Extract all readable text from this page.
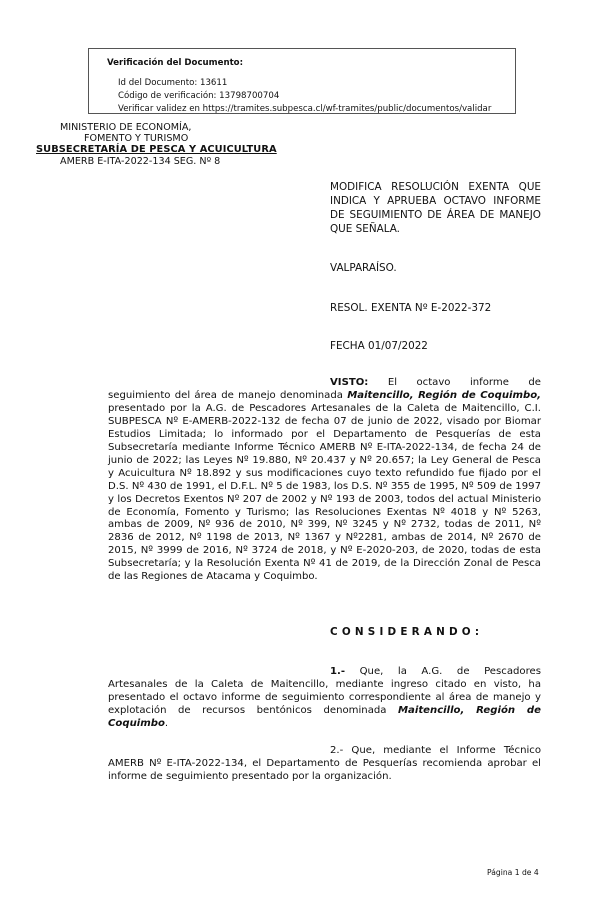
Verificación del Documento:
• Id del Documento: 13611
• Código de verificación: 13798700704
• Verificar validez en https://tramites.subpesca.cl/wf-tramites/public/documentos/validar
MINISTERIO DE ECONOMÍA,
FOMENTO Y TURISMO
SUBSECRETARÍA DE PESCA Y ACUICULTURA
AMERB E-ITA-2022-134 SEG. Nº 8
MODIFICA RESOLUCIÓN EXENTA QUE INDICA Y APRUEBA OCTAVO INFORME DE SEGUIMIENTO DE ÁREA DE MANEJO QUE SEÑALA.
VALPARAÍSO.
RESOL. EXENTA Nº E-2022-372
FECHA 01/07/2022

VISTO: El octavo informe de seguimiento del área de manejo denominada Maitencillo, Región de Coquimbo, presentado por la A.G. de Pescadores Artesanales de la Caleta de Maitencillo, C.I. SUBPESCA Nº E-AMERB-2022-132 de fecha 07 de junio de 2022, visado por Biomar Estudios Limitada; lo informado por el Departamento de Pesquerías de esta Subsecretaría mediante Informe Técnico AMERB Nº E-ITA-2022-134, de fecha 24 de junio de 2022; las Leyes Nº 19.880, Nº 20.437 y Nº 20.657; la Ley General de Pesca y Acuicultura Nº 18.892 y sus modificaciones cuyo texto refundido fue fijado por el D.S. Nº 430 de 1991, el D.F.L. Nº 5 de 1983, los D.S. Nº 355 de 1995, Nº 509 de 1997 y los Decretos Exentos Nº 207 de 2002 y Nº 193 de 2003, todos del actual Ministerio de Economía, Fomento y Turismo; las Resoluciones Exentas Nº 4018 y Nº 5263, ambas de 2009, Nº 936 de 2010, Nº 399, Nº 3245 y Nº 2732, todas de 2011, Nº 2836 de 2012, Nº 1198 de 2013, Nº 1367 y Nº2281, ambas de 2014, Nº 2670 de 2015, Nº 3999 de 2016, Nº 3724 de 2018, y Nº E-2020-203, de 2020, todas de esta Subsecretaría; y la Resolución Exenta Nº 41 de 2019, de la Dirección Zonal de Pesca de las Regiones de Atacama y Coquimbo.

CONSIDERANDO:

1.- Que, la A.G. de Pescadores Artesanales de la Caleta de Maitencillo, mediante ingreso citado en visto, ha presentado el octavo informe de seguimiento correspondiente al área de manejo y explotación de recursos bentónicos denominada Maitencillo, Región de Coquimbo.

2.- Que, mediante el Informe Técnico AMERB Nº E-ITA-2022-134, el Departamento de Pesquerías recomienda aprobar el informe de seguimiento presentado por la organización.

Página 1 de 4
